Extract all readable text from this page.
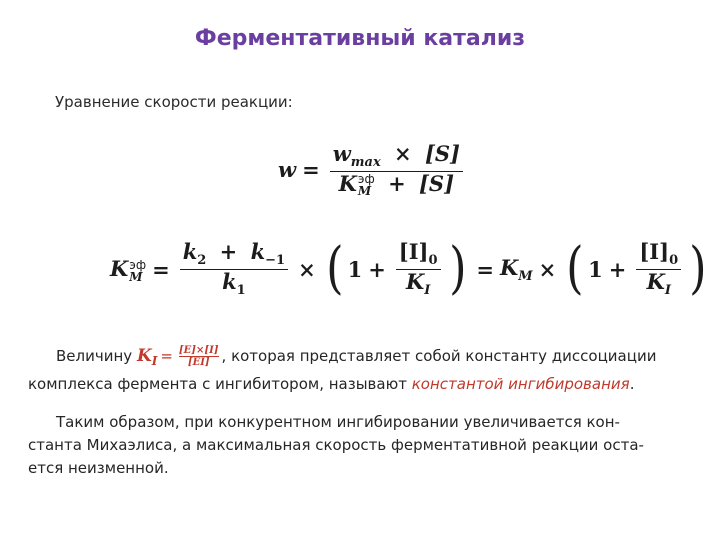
Ферментативный катализ
Уравнение скорости реакции:
$w = w_{max} \times [S]$
K эф
M + [S]
K эф
$M = \frac{k_2 + k_{-1}}{k_1}$ × ( $1 + \frac{[I]_0}{K_I}$ ) = $K_M$ × ( $1 + \frac{[I]_0}{K_I}$ )
Величину $K_I = \frac{[E]\times[I]}{[EI]}$ , которая представляет собой константу диссоциации
комплекса фермента с ингибитором, называют константой ингибирования.
Таким образом, при конкурентном ингибировании увеличивается кон-
станта Михаэлиса, а максимальная скорость ферментативной реакции оста-
ется неизменной.
